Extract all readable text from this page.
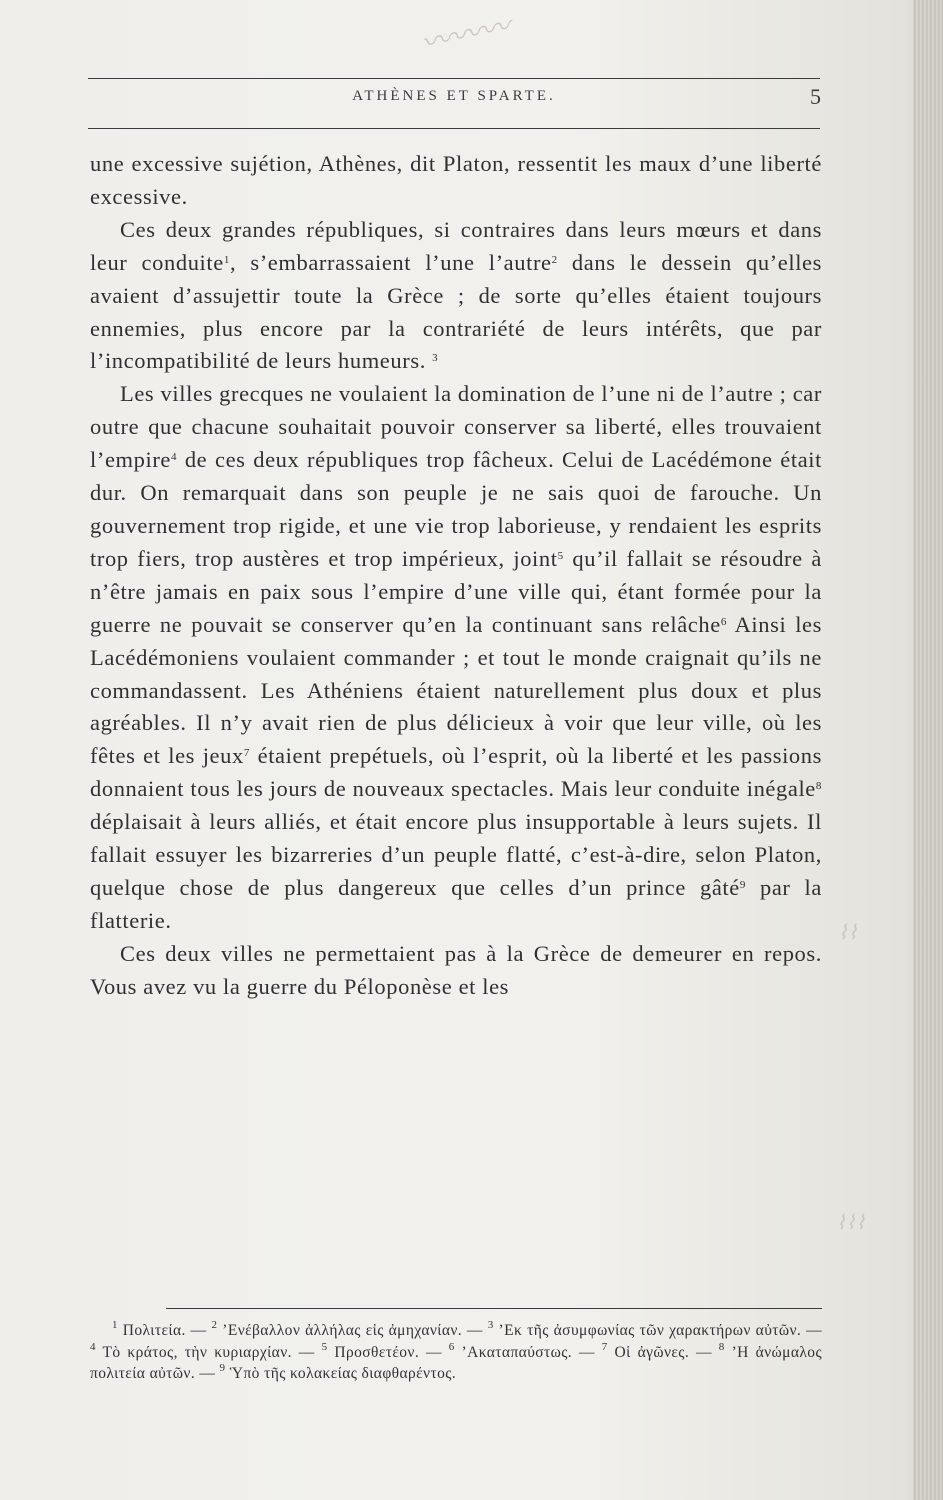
〰〰〰
⌇⌇
⌇⌇⌇
ATHÈNES ET SPARTE.	5

une excessive sujétion, Athènes, dit Platon, ressentit les maux d’une liberté excessive.

Ces deux grandes républiques, si contraires dans leurs mœurs et dans leur conduite$^1$, s’embarrassaient l’une l’autre$^2$ dans le dessein qu’elles avaient d’assujettir toute la Grèce ; de sorte qu’elles étaient toujours ennemies, plus encore par la contrariété de leurs intérêts, que par l’incompatibilité de leurs humeurs. $^3$

Les villes grecques ne voulaient la domination de l’une ni de l’autre ; car outre que chacune souhaitait pouvoir conserver sa liberté, elles trouvaient l’empire$^4$ de ces deux républiques trop fâcheux. Celui de Lacédémone était dur. On remarquait dans son peuple je ne sais quoi de farouche. Un gouvernement trop rigide, et une vie trop laborieuse, y rendaient les esprits trop fiers, trop austères et trop impérieux, joint$^5$ qu’il fallait se résoudre à n’être jamais en paix sous l’empire d’une ville qui, étant formée pour la guerre ne pouvait se conserver qu’en la continuant sans relâche$^6$ Ainsi les Lacédémoniens voulaient commander ; et tout le monde craignait qu’ils ne commandassent. Les Athéniens étaient naturellement plus doux et plus agréables. Il n’y avait rien de plus délicieux à voir que leur ville, où les fêtes et les jeux$^7$ étaient prepétuels, où l’esprit, où la liberté et les passions donnaient tous les jours de nouveaux spectacles. Mais leur conduite inégale$^8$ déplaisait à leurs alliés, et était encore plus insupportable à leurs sujets. Il fallait essuyer les bizarreries d’un peuple flatté, c’est-à-dire, selon Platon, quelque chose de plus dangereux que celles d’un prince gâté$^9$ par la flatterie.

Ces deux villes ne permettaient pas à la Grèce de demeurer en repos. Vous avez vu la guerre du Péloponèse et les

$^1$ Πολιτεία. — $^2$ ’Ενέβαλλον ἀλλήλας εἰς ἀμηχανίαν. — $^3$ ’Εκ τῆς ἀσυμφωνίας τῶν χαρακτήρων αὐτῶν. — $^4$ Τὸ κράτος, τὴν κυριαρχίαν. — $^5$ Προσθετέον. — $^6$ ’Ακαταπαύστως. — $^7$ Οἱ ἀγῶνες. — $^8$ ’Η ἀνώμαλος πολιτεία αὐτῶν. — $^9$ Ὑπὸ τῆς κολακείας διαφθαρέντος.
